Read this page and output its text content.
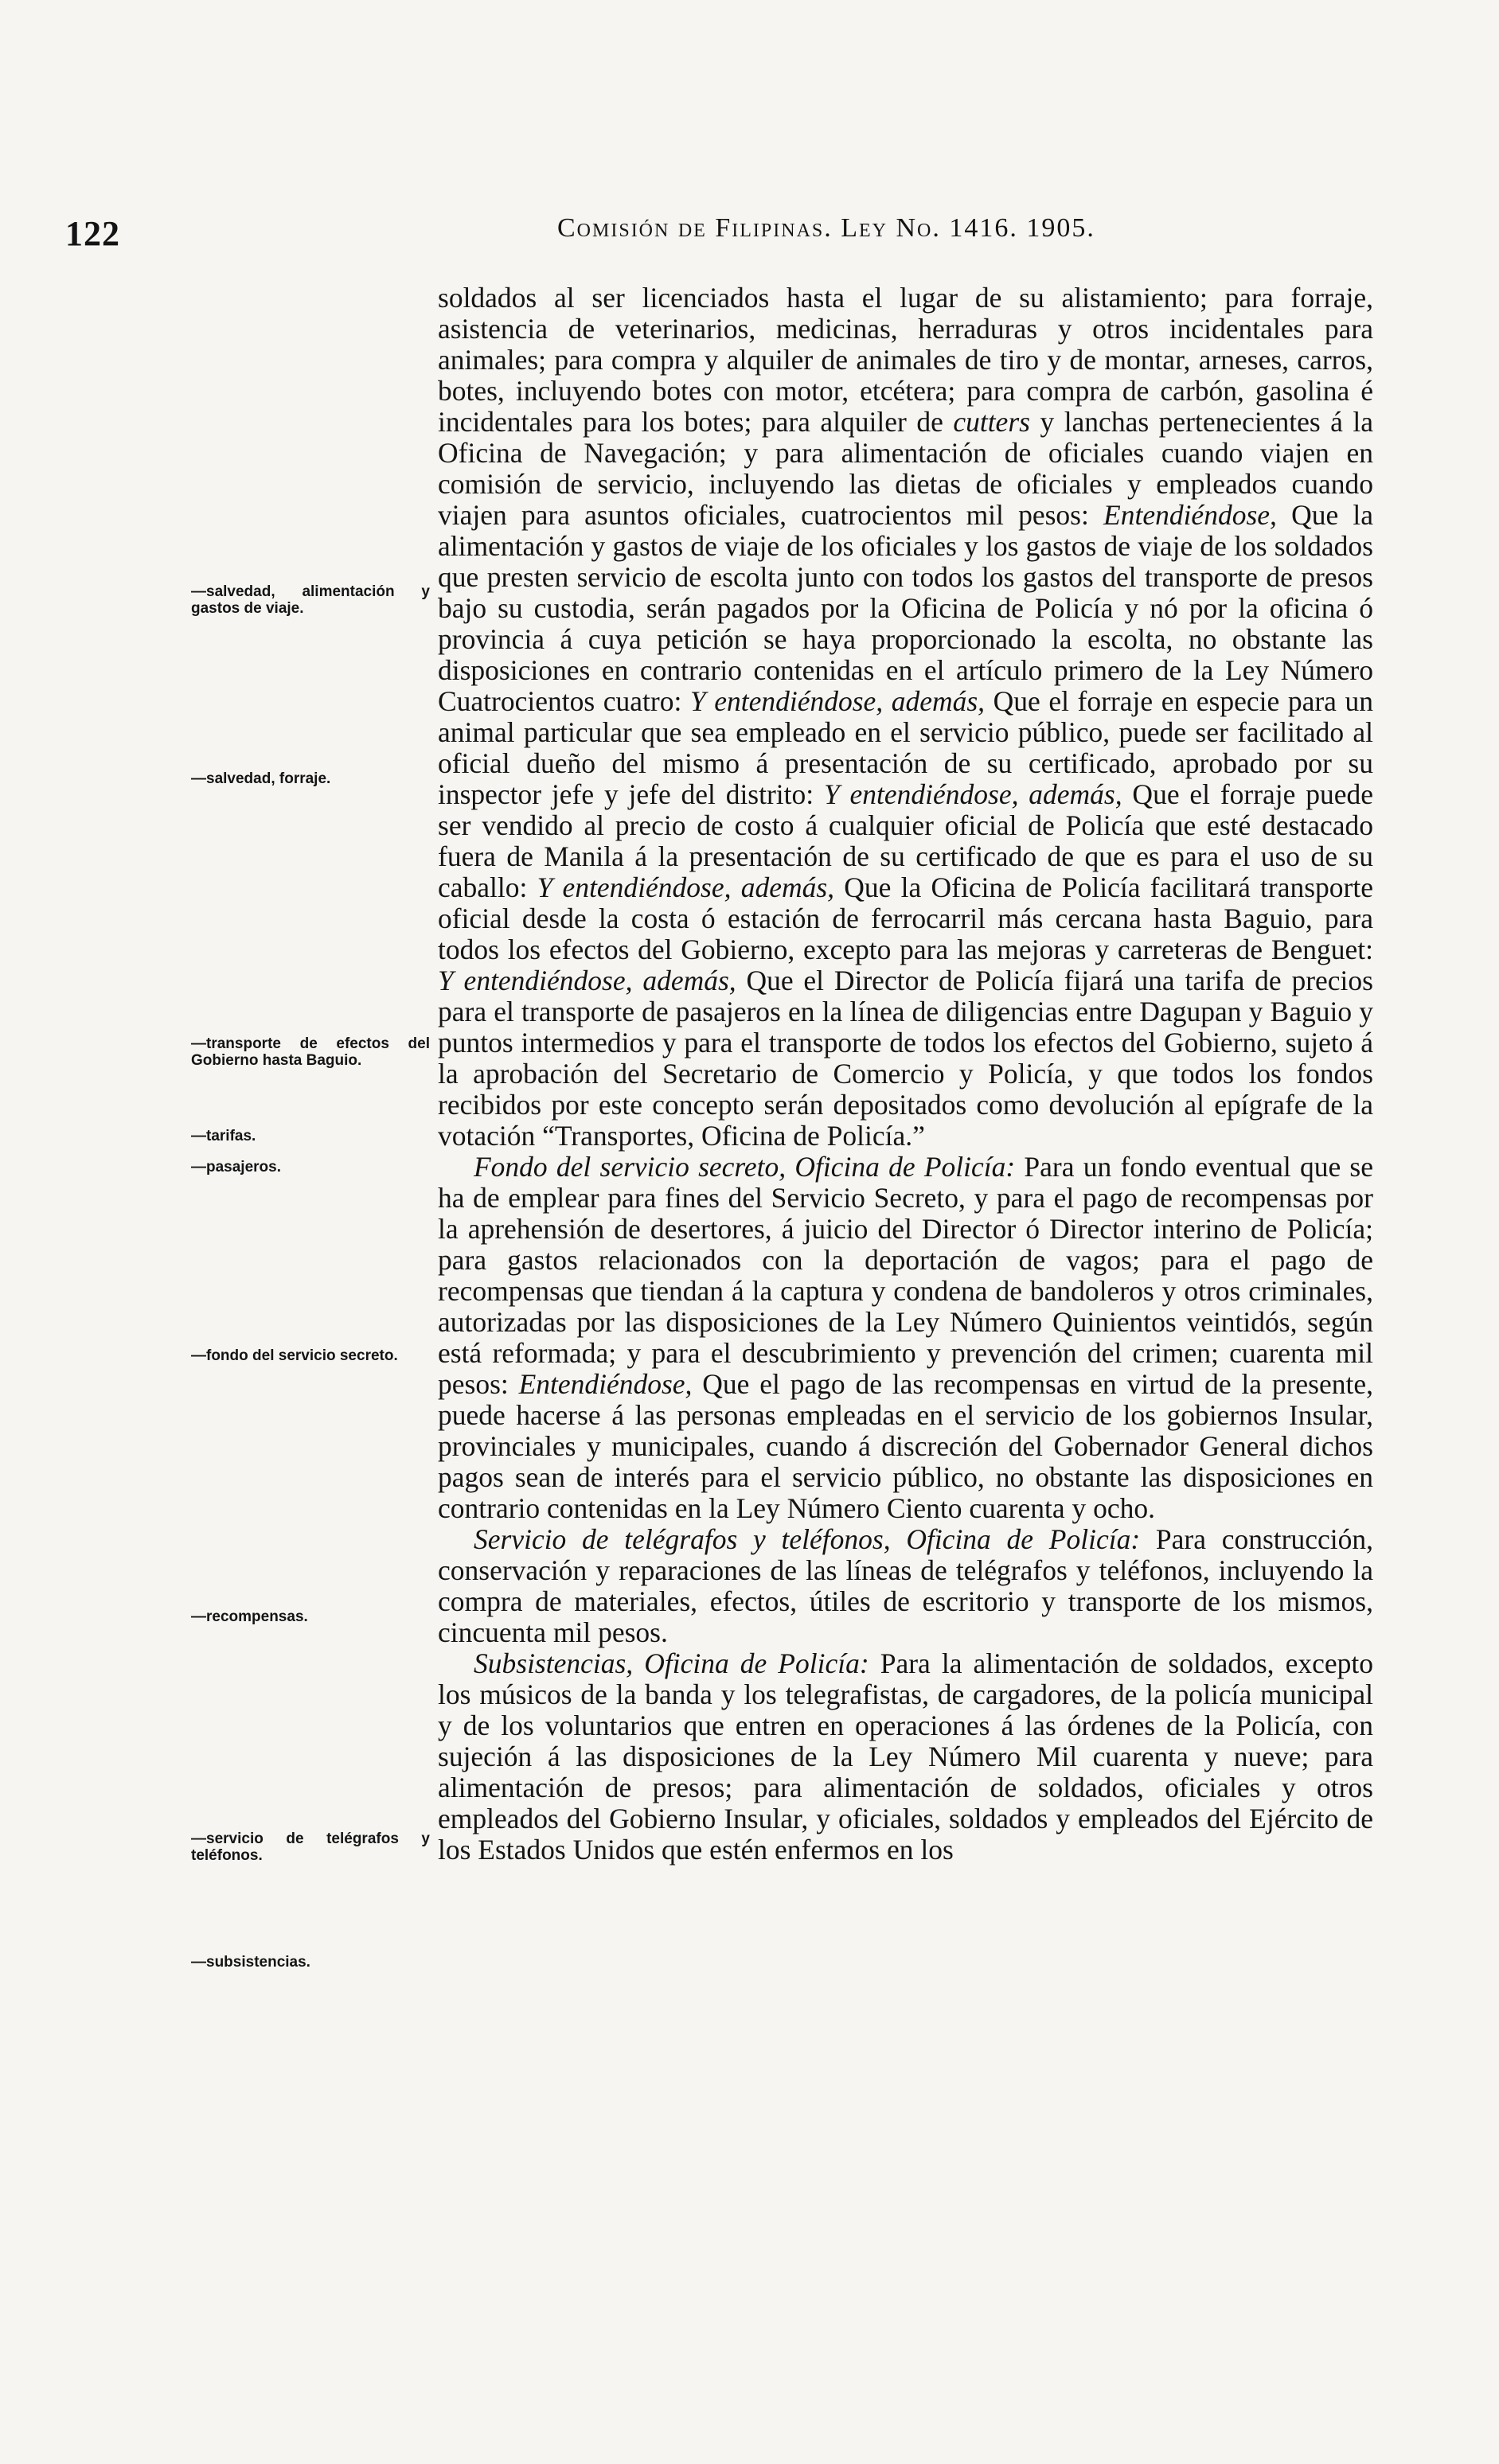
122	Comisión de Filipinas. Ley No. 1416. 1905.
—salvedad, alimentación y gastos de viaje.
—salvedad, forraje.
—transporte de efectos del Gobierno hasta Baguio.
—tarifas.
—pasajeros.
—fondo del servicio secreto.
—recompensas.
—servicio de telégrafos y teléfonos.
—subsistencias.

soldados al ser licenciados hasta el lugar de su alistamiento; para forraje, asistencia de veterinarios, medicinas, herraduras y otros incidentales para animales; para compra y alquiler de animales de tiro y de montar, arneses, carros, botes, incluyendo botes con motor, etcétera; para compra de carbón, gasolina é incidentales para los botes; para alquiler de cutters y lanchas pertenecientes á la Oficina de Navegación; y para alimentación de oficiales cuando viajen en comisión de servicio, incluyendo las dietas de oficiales y empleados cuando viajen para asuntos oficiales, cuatrocientos mil pesos: Entendiéndose, Que la alimentación y gastos de viaje de los oficiales y los gastos de viaje de los soldados que presten servicio de escolta junto con todos los gastos del transporte de presos bajo su custodia, serán pagados por la Oficina de Policía y nó por la oficina ó provincia á cuya petición se haya proporcionado la escolta, no obstante las disposiciones en contrario contenidas en el artículo primero de la Ley Número Cuatrocientos cuatro: Y entendiéndose, además, Que el forraje en especie para un animal particular que sea empleado en el servicio público, puede ser facilitado al oficial dueño del mismo á presentación de su certificado, aprobado por su inspector jefe y jefe del distrito: Y entendiéndose, además, Que el forraje puede ser vendido al precio de costo á cualquier oficial de Policía que esté destacado fuera de Manila á la presentación de su certificado de que es para el uso de su caballo: Y entendiéndose, además, Que la Oficina de Policía facilitará transporte oficial desde la costa ó estación de ferrocarril más cercana hasta Baguio, para todos los efectos del Gobierno, excepto para las mejoras y carreteras de Benguet: Y entendiéndose, además, Que el Director de Policía fijará una tarifa de precios para el transporte de pasajeros en la línea de diligencias entre Dagupan y Baguio y puntos intermedios y para el transporte de todos los efectos del Gobierno, sujeto á la aprobación del Secretario de Comercio y Policía, y que todos los fondos recibidos por este concepto serán depositados como devolución al epígrafe de la votación “Transportes, Oficina de Policía.”

Fondo del servicio secreto, Oficina de Policía: Para un fondo eventual que se ha de emplear para fines del Servicio Secreto, y para el pago de recompensas por la aprehensión de desertores, á juicio del Director ó Director interino de Policía; para gastos relacionados con la deportación de vagos; para el pago de recompensas que tiendan á la captura y condena de bandoleros y otros criminales, autorizadas por las disposiciones de la Ley Número Quinientos veintidós, según está reformada; y para el descubrimiento y prevención del crimen; cuarenta mil pesos: Entendiéndose, Que el pago de las recompensas en virtud de la presente, puede hacerse á las personas empleadas en el servicio de los gobiernos Insular, provinciales y municipales, cuando á discreción del Gobernador General dichos pagos sean de interés para el servicio público, no obstante las disposiciones en contrario contenidas en la Ley Número Ciento cuarenta y ocho.

Servicio de telégrafos y teléfonos, Oficina de Policía: Para construcción, conservación y reparaciones de las líneas de telégrafos y teléfonos, incluyendo la compra de materiales, efectos, útiles de escritorio y transporte de los mismos, cincuenta mil pesos.

Subsistencias, Oficina de Policía: Para la alimentación de soldados, excepto los músicos de la banda y los telegrafistas, de cargadores, de la policía municipal y de los voluntarios que entren en operaciones á las órdenes de la Policía, con sujeción á las disposiciones de la Ley Número Mil cuarenta y nueve; para alimentación de presos; para alimentación de soldados, oficiales y otros empleados del Gobierno Insular, y oficiales, soldados y empleados del Ejército de los Estados Unidos que estén enfermos en los
